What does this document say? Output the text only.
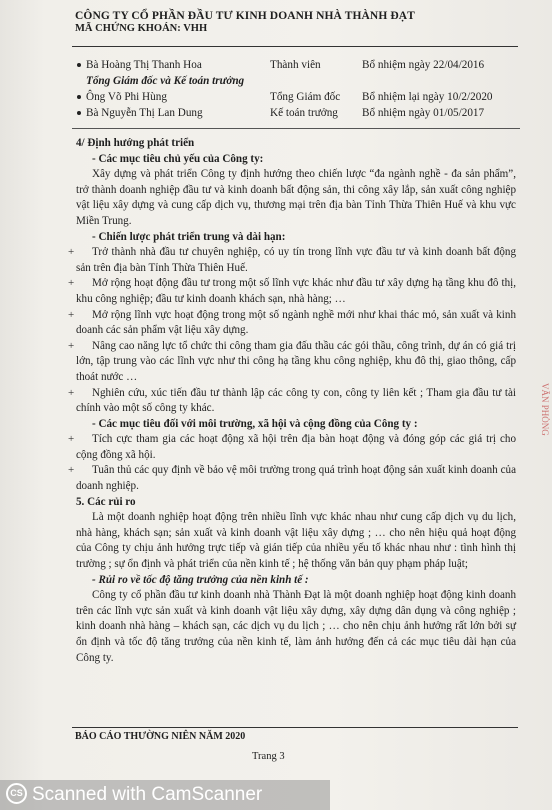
CÔNG TY CỔ PHẦN ĐẦU TƯ KINH DOANH NHÀ THÀNH ĐẠT
MÃ CHỨNG KHOÁN: VHH
Bà Hoàng Thị Thanh Hoa	Thành viên	Bổ nhiệm ngày 22/04/2016
Tổng Giám đốc và Kế toán trưởng
Ông Võ Phi Hùng	Tổng Giám đốc Bổ nhiệm lại ngày 10/2/2020
Bà Nguyễn Thị Lan Dung	Kế toán trưởng Bổ nhiệm ngày 01/05/2017

4/ Định hướng phát triển

- Các mục tiêu chủ yếu của Công ty:

Xây dựng và phát triển Công ty định hướng theo chiến lược “đa ngành nghề - đa sản phẩm”, trở thành doanh nghiệp đầu tư và kinh doanh bất động sản, thi công xây lắp, sản xuất công nghiệp vật liệu xây dựng và cung cấp dịch vụ, thương mại trên địa bàn Tỉnh Thừa Thiên Huế và khu vực Miền Trung.

- Chiến lược phát triển trung và dài hạn:

+ Trở thành nhà đầu tư chuyên nghiệp, có uy tín trong lĩnh vực đầu tư và kinh doanh bất động sản trên địa bàn Tỉnh Thừa Thiên Huế.

+ Mở rộng hoạt động đầu tư trong một số lĩnh vực khác như đầu tư xây dựng hạ tầng khu đô thị, khu công nghiệp; đầu tư kinh doanh khách sạn, nhà hàng; …

+ Mở rộng lĩnh vực hoạt động trong một số ngành nghề mới như khai thác mỏ, sản xuất và kinh doanh các sản phẩm vật liệu xây dựng.

+ Nâng cao năng lực tổ chức thi công tham gia đấu thầu các gói thầu, công trình, dự án có giá trị lớn, tập trung vào các lĩnh vực như thi công hạ tầng khu công nghiệp, khu đô thị, giao thông, cấp thoát nước …

+ Nghiên cứu, xúc tiến đầu tư thành lập các công ty con, công ty liên kết ; Tham gia đầu tư tài chính vào một số công ty khác.

- Các mục tiêu đối với môi trường, xã hội và cộng đồng của Công ty :

+ Tích cực tham gia các hoạt động xã hội trên địa bàn hoạt động và đóng góp các giá trị cho cộng đồng xã hội.

+ Tuân thủ các quy định về bảo vệ môi trường trong quá trình hoạt động sản xuất kinh doanh của doanh nghiệp.

5. Các rủi ro

Là một doanh nghiệp hoạt động trên nhiều lĩnh vực khác nhau như cung cấp dịch vụ du lịch, nhà hàng, khách sạn; sản xuất và kinh doanh vật liệu xây dựng ; … cho nên hiệu quả hoạt động của Công ty chịu ảnh hưởng trực tiếp và gián tiếp của nhiều yếu tố khác nhau như : tình hình thị trường ; sự ổn định và phát triển của nền kinh tế ; hệ thống văn bản quy phạm pháp luật;

- Rủi ro về tốc độ tăng trưởng của nền kinh tế :

Công ty cổ phần đầu tư kinh doanh nhà Thành Đạt là một doanh nghiệp hoạt động kinh doanh trên các lĩnh vực sản xuất và kinh doanh vật liệu xây dựng, xây dựng dân dụng và công nghiệp ; kinh doanh nhà hàng – khách sạn, các dịch vụ du lịch ; … cho nên chịu ảnh hưởng rất lớn bởi sự ổn định và tốc độ tăng trưởng của nền kinh tế, làm ảnh hưởng đến cả các mục tiêu dài hạn của Công ty.

BÁO CÁO THƯỜNG NIÊN NĂM 2020
Trang 3
VĂN PHÒNG
CS Scanned with CamScanner
